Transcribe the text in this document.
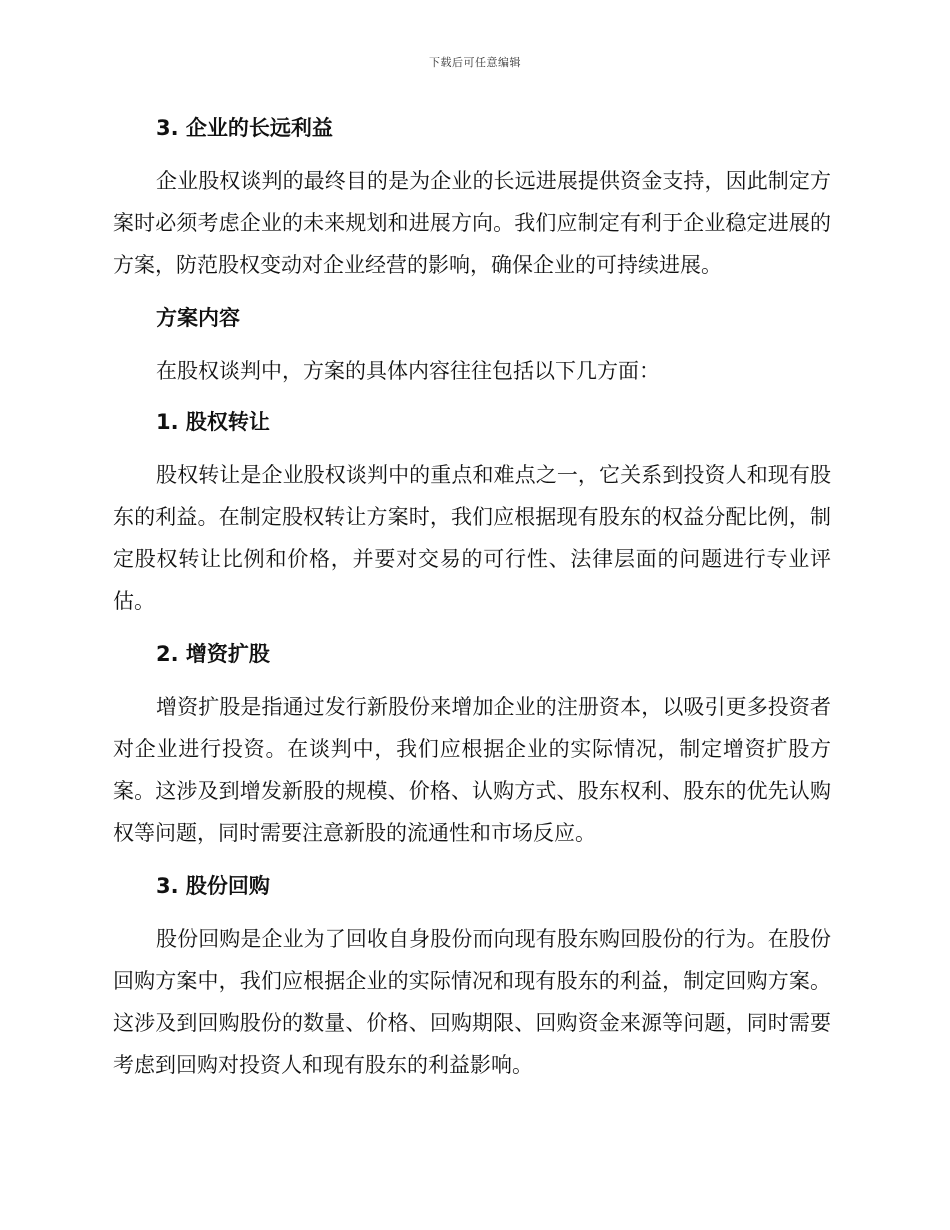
下载后可任意编辑
3. 企业的长远利益
企业股权谈判的最终目的是为企业的长远进展提供资金支持，因此制定方案时必须考虑企业的未来规划和进展方向。我们应制定有利于企业稳定进展的方案，防范股权变动对企业经营的影响，确保企业的可持续进展。
方案内容
在股权谈判中，方案的具体内容往往包括以下几方面：
1. 股权转让
股权转让是企业股权谈判中的重点和难点之一，它关系到投资人和现有股东的利益。在制定股权转让方案时，我们应根据现有股东的权益分配比例，制定股权转让比例和价格，并要对交易的可行性、法律层面的问题进行专业评估。
2. 增资扩股
增资扩股是指通过发行新股份来增加企业的注册资本，以吸引更多投资者对企业进行投资。在谈判中，我们应根据企业的实际情况，制定增资扩股方案。这涉及到增发新股的规模、价格、认购方式、股东权利、股东的优先认购权等问题，同时需要注意新股的流通性和市场反应。
3. 股份回购
股份回购是企业为了回收自身股份而向现有股东购回股份的行为。在股份回购方案中，我们应根据企业的实际情况和现有股东的利益，制定回购方案。这涉及到回购股份的数量、价格、回购期限、回购资金来源等问题，同时需要考虑到回购对投资人和现有股东的利益影响。
